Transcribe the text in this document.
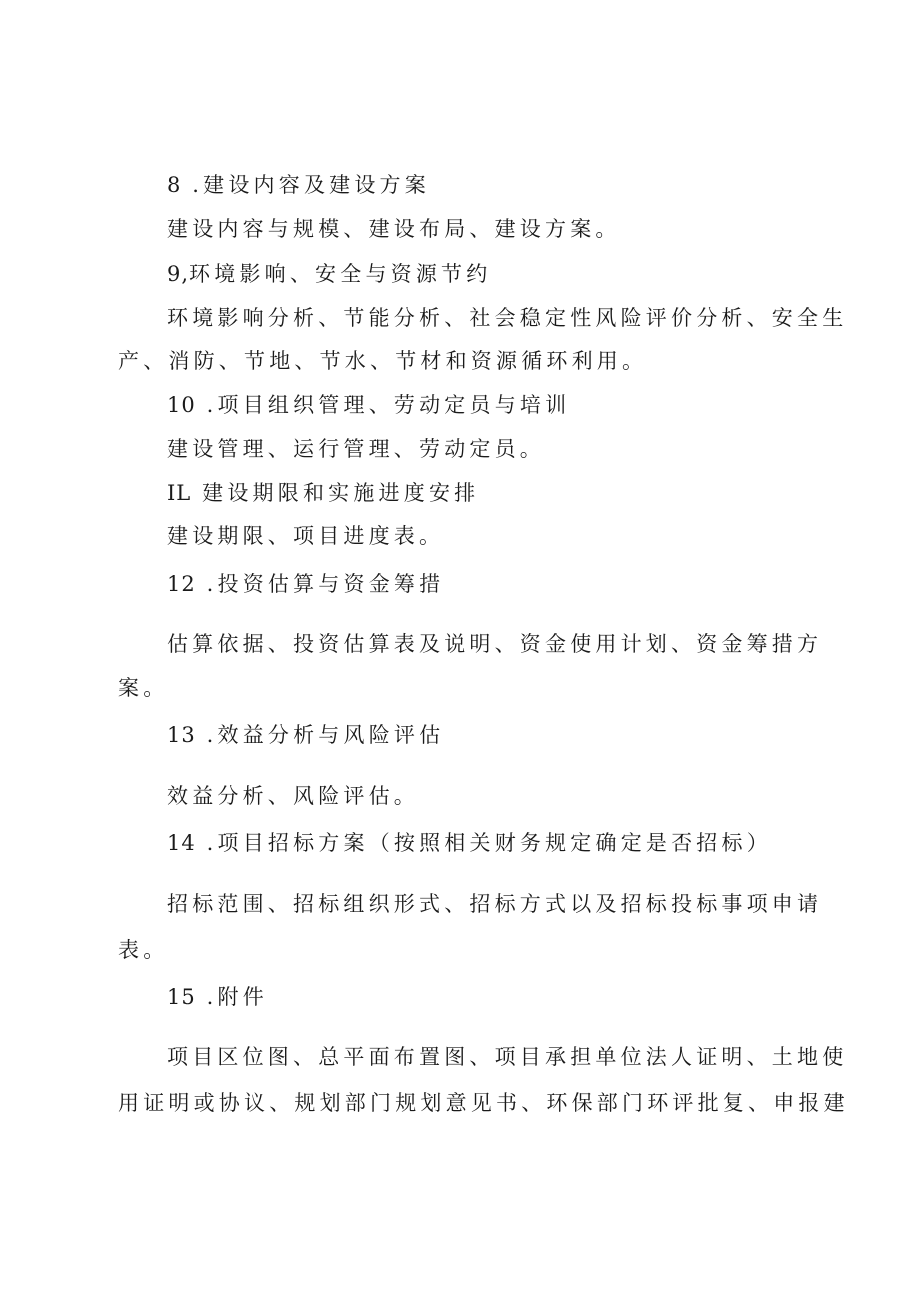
8 .建设内容及建设方案
建设内容与规模、建设布局、建设方案。
9,环境影响、安全与资源节约
环境影响分析、节能分析、社会稳定性风险评价分析、安全生
产、消防、节地、节水、节材和资源循环利用。
10 .项目组织管理、劳动定员与培训
建设管理、运行管理、劳动定员。
IL 建设期限和实施进度安排
建设期限、项目进度表。
12 .投资估算与资金筹措
估算依据、投资估算表及说明、资金使用计划、资金筹措方
案。
13 .效益分析与风险评估
效益分析、风险评估。
14 .项目招标方案（按照相关财务规定确定是否招标）
招标范围、招标组织形式、招标方式以及招标投标事项申请
表。
15 .附件
项目区位图、总平面布置图、项目承担单位法人证明、土地使
用证明或协议、规划部门规划意见书、环保部门环评批复、申报建
